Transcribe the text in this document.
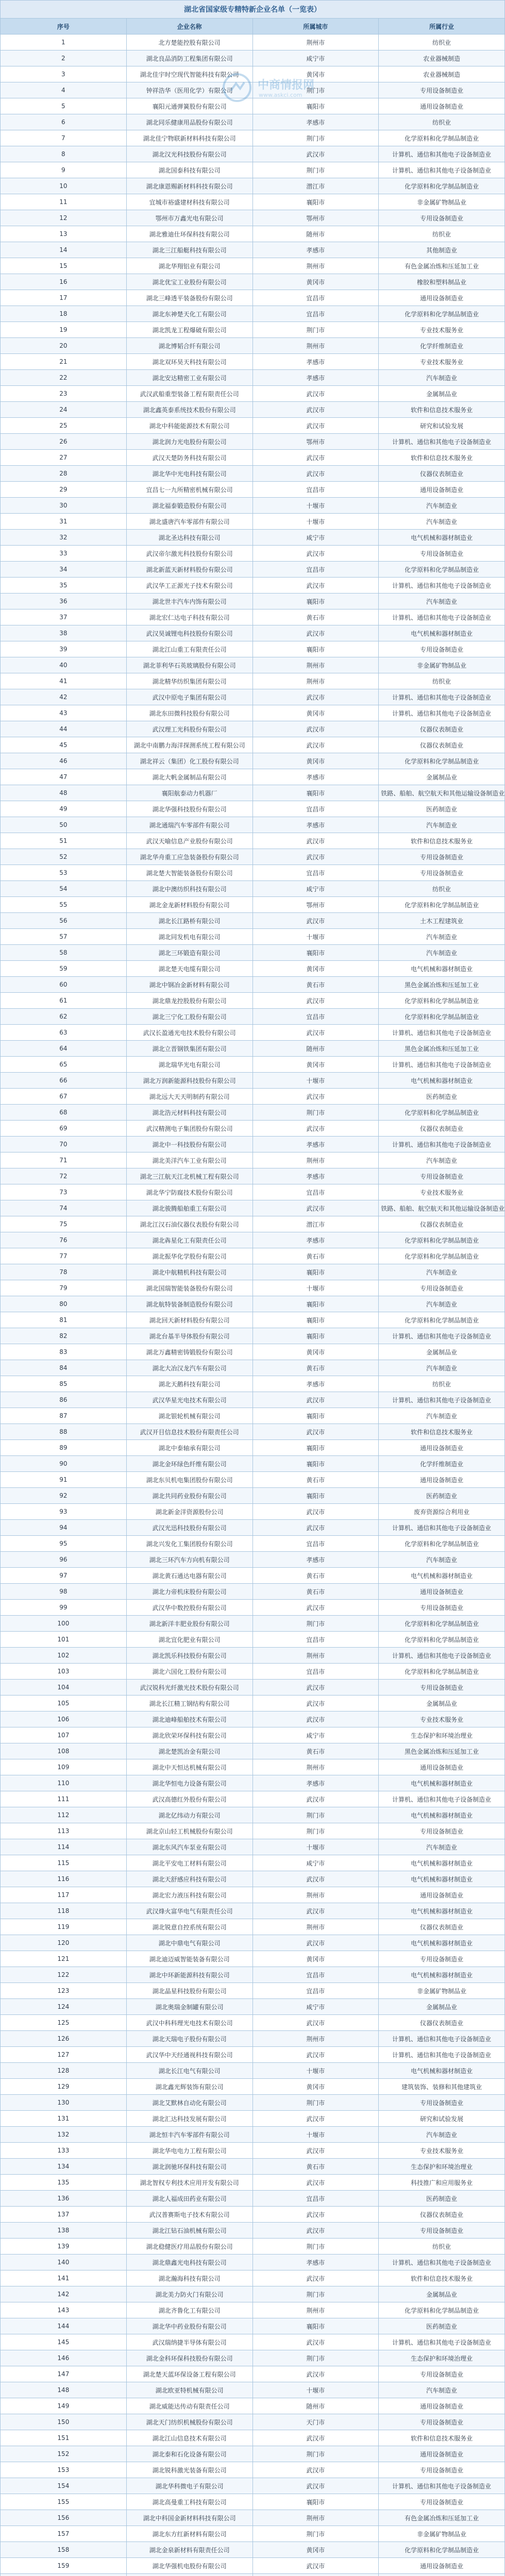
湖北省国家级专精特新企业名单（一览表）			
序号	企业名称	所属城市	所属行业
1	北方楚能控股有限公司	荆州市	纺织业
2	湖北良品消防工程集团有限公司	咸宁市	农业器械制造
3	湖北佳宇时空现代智能科技有限公司	黄冈市	农业器械制造
4	钟祥浩华（医用化学）有限公司	荆门市	专用设备制造业
5	襄阳元通弹簧股份有限公司	襄阳市	通用设备制造业
6	湖北同乐健康用品股份有限公司	孝感市	纺织业
7	湖北佳宁物联新材料科技有限公司	荆门市	化学原料和化学制品制造业
8	湖北汉光科技股份有限公司	武汉市	计算机、通信和其他电子设备制造业
9	湖北国泰科技有限公司	荆门市	计算机、通信和其他电子设备制造业
10	湖北康恩赐新材料科技有限公司	潜江市	化学原料和化学制品制造业
11	宜城市裕盛建材科技有限公司	襄阳市	非金属矿物制品业
12	鄂州市万鑫光电有限公司	鄂州市	专用设备制造业
13	湖北雅迪仕环保科技有限公司	随州市	纺织业
14	湖北三江船艇科技有限公司	孝感市	其他制造业
15	湖北华翔铝业有限公司	荆州市	有色金属冶炼和压延加工业
16	湖北优宝工业股份有限公司	黄冈市	橡胶和塑料制品业
17	湖北三峰透平装备股份有限公司	宜昌市	通用设备制造业
18	湖北东神楚天化工有限公司	宜昌市	化学原料和化学制品制造业
19	湖北凯龙工程爆破有限公司	荆门市	专业技术服务业
20	湖北博韬合纤有限公司	荆州市	化学纤维制造业
21	湖北双环昊天科技有限公司	孝感市	专业技术服务业
22	湖北安达精密工业有限公司	孝感市	汽车制造业
23	武汉武船重型装备工程有限责任公司	武汉市	金属制品业
24	湖北鑫英泰系统技术股份有限公司	武汉市	软件和信息技术服务业
25	湖北中科能能源技术有限公司	武汉市	研究和试验发展
26	湖北润力光电股份有限公司	鄂州市	计算机、通信和其他电子设备制造业
27	武汉天楚防务科技有限公司	武汉市	软件和信息技术服务业
28	湖北华中光电科技有限公司	武汉市	仪器仪表制造业
29	宜昌七一九所精密机械有限公司	宜昌市	通用设备制造业
30	湖北福泰锻造股份有限公司	十堰市	汽车制造业
31	湖北盛唐汽车零部件有限公司	十堰市	汽车制造业
32	湖北圣达科技有限公司	咸宁市	电气机械和器材制造业
33	武汉帝尔激光科技股份有限公司	武汉市	专用设备制造业
34	湖北新蓝天新材料股份有限公司	宜昌市	化学原料和化学制品制造业
35	武汉华工正源光子技术有限公司	武汉市	计算机、通信和其他电子设备制造业
36	湖北世丰汽车内饰有限公司	襄阳市	汽车制造业
37	湖北宏仁达电子科技有限公司	黄石市	计算机、通信和其他电子设备制造业
38	武汉昊诚锂电科技股份有限公司	武汉市	电气机械和器材制造业
39	湖北江山重工有限责任公司	襄阳市	专用设备制造业
40	湖北菲利华石英玻璃股份有限公司	荆州市	非金属矿物制品业
41	湖北精华纺织集团有限公司	荆州市	纺织业
42	武汉中原电子集团有限公司	武汉市	计算机、通信和其他电子设备制造业
43	湖北东田微科技股份有限公司	黄冈市	计算机、通信和其他电子设备制造业
44	武汉理工光科股份有限公司	武汉市	仪器仪表制造业
45	湖北中南鹏力海洋探测系统工程有限公司	武汉市	仪器仪表制造业
46	湖北祥云（集团）化工股份有限公司	黄冈市	化学原料和化学制品制造业
47	湖北大帆金属制品有限公司	孝感市	金属制品业
48	襄阳航泰动力机器厂	襄阳市	铁路、船舶、航空航天和其他运输设备制造业
49	湖北华强科技股份有限公司	宜昌市	医药制造业
50	湖北通瑞汽车零部件有限公司	孝感市	汽车制造业
51	武汉天喻信息产业股份有限公司	武汉市	软件和信息技术服务业
52	湖北华舟重工应急装备股份有限公司	武汉市	专用设备制造业
53	湖北楚大智能装备股份有限公司	宜昌市	专用设备制造业
54	湖北中澳纺织科技有限公司	咸宁市	纺织业
55	湖北金龙新材料股份有限公司	鄂州市	化学原料和化学制品制造业
56	湖北长江路桥有限公司	武汉市	土木工程建筑业
57	湖北同发机电有限公司	十堰市	汽车制造业
58	湖北三环锻造有限公司	襄阳市	汽车制造业
59	湖北楚天电缆有限公司	黄冈市	电气机械和器材制造业
60	湖北中钢冶金新材料有限公司	黄石市	黑色金属冶炼和压延加工业
61	湖北鼎龙控股股份有限公司	武汉市	化学原料和化学制品制造业
62	湖北三宁化工股份有限公司	宜昌市	化学原料和化学制品制造业
63	武汉长盈通光电技术股份有限公司	武汉市	计算机、通信和其他电子设备制造业
64	湖北立晋钢铁集团有限公司	随州市	黑色金属冶炼和压延加工业
65	湖北瑞华光电有限公司	黄冈市	计算机、通信和其他电子设备制造业
66	湖北万润新能源科技股份有限公司	十堰市	电气机械和器材制造业
67	湖北远大天天明制药有限公司	武汉市	医药制造业
68	湖北浩元材料科技有限公司	荆门市	化学原料和化学制品制造业
69	武汉精测电子集团股份有限公司	武汉市	仪器仪表制造业
70	湖北中一科技股份有限公司	孝感市	计算机、通信和其他电子设备制造业
71	湖北美洋汽车工业有限公司	荆州市	汽车制造业
72	湖北三江航天江北机械工程有限公司	孝感市	专用设备制造业
73	湖北华宁防腐技术股份有限公司	宜昌市	专业技术服务业
74	湖北骏腾船舶重工有限公司	武汉市	铁路、船舶、航空航天和其他运输设备制造业
75	湖北江汉石油仪器仪表股份有限公司	潜江市	仪器仪表制造业
76	湖北犇星化工有限责任公司	孝感市	化学原料和化学制品制造业
77	湖北振华化学股份有限公司	黄石市	化学原料和化学制品制造业
78	湖北中航精机科技有限公司	襄阳市	汽车制造业
79	湖北国瑞智能装备股份有限公司	十堰市	专用设备制造业
80	湖北航特装备制造股份有限公司	襄阳市	汽车制造业
81	湖北回天新材料股份有限公司	襄阳市	化学原料和化学制品制造业
82	湖北台基半导体股份有限公司	襄阳市	计算机、通信和其他电子设备制造业
83	湖北万鑫精密铸锻股份有限公司	黄冈市	金属制品业
84	湖北大冶汉龙汽车有限公司	黄石市	汽车制造业
85	湖北天鹅科技有限公司	孝感市	纺织业
86	武汉华星光电技术有限公司	武汉市	计算机、通信和其他电子设备制造业
87	湖北银轮机械有限公司	襄阳市	汽车制造业
88	武汉开目信息技术股份有限责任公司	武汉市	软件和信息技术服务业
89	湖北中泰轴承有限公司	襄阳市	通用设备制造业
90	湖北金环绿色纤维有限公司	襄阳市	化学纤维制造业
91	湖北东贝机电集团股份有限公司	黄石市	通用设备制造业
92	湖北共同药业股份有限公司	襄阳市	医药制造业
93	湖北新金洋资源股份公司	武汉市	废弃资源综合利用业
94	武汉光迅科技股份有限公司	武汉市	计算机、通信和其他电子设备制造业
95	湖北兴发化工集团股份有限公司	宜昌市	化学原料和化学制品制造业
96	湖北三环汽车方向机有限公司	孝感市	汽车制造业
97	湖北黄石通达电器有限公司	黄石市	电气机械和器材制造业
98	湖北力帝机床股份有限公司	黄石市	通用设备制造业
99	武汉华中数控股份有限公司	武汉市	专用设备制造业
100	湖北新洋丰肥业股份有限公司	荆门市	化学原料和化学制品制造业
101	湖北宜化肥业有限公司	宜昌市	化学原料和化学制品制造业
102	湖北凯乐科技股份有限公司	荆州市	计算机、通信和其他电子设备制造业
103	湖北六国化工股份有限公司	宜昌市	化学原料和化学制品制造业
104	武汉锐科光纤激光技术股份有限公司	武汉市	专用设备制造业
105	湖北长江精工钢结构有限公司	武汉市	金属制品业
106	湖北迪峰船舶技术有限公司	武汉市	专业技术服务业
107	湖北欣荣环保科技有限公司	咸宁市	生态保护和环境治理业
108	湖北楚凯冶金有限公司	黄石市	黑色金属冶炼和压延加工业
109	湖北中天恒达机械有限公司	荆州市	通用设备制造业
110	湖北华恒电力设备有限公司	孝感市	电气机械和器材制造业
111	武汉高德红外股份有限公司	武汉市	计算机、通信和其他电子设备制造业
112	湖北亿纬动力有限公司	荆门市	电气机械和器材制造业
113	湖北京山轻工机械股份有限公司	荆门市	专用设备制造业
114	湖北东风汽车泵业有限公司	十堰市	汽车制造业
115	湖北平安电工材料有限公司	咸宁市	电气机械和器材制造业
116	湖北天舒感应科技有限公司	武汉市	电气机械和器材制造业
117	湖北宏力液压科技有限公司	荆州市	通用设备制造业
118	武汉烽火富华电气有限责任公司	武汉市	电气机械和器材制造业
119	湖北锐意自控系统有限公司	荆州市	仪器仪表制造业
120	湖北中鼎电气有限公司	武汉市	电气机械和器材制造业
121	湖北迪迈威智能装备有限公司	黄冈市	专用设备制造业
122	湖北中环新能源科技有限公司	宜昌市	电气机械和器材制造业
123	湖北晶星科技股份有限公司	宜昌市	非金属矿物制品业
124	湖北奥瑞金制罐有限公司	咸宁市	金属制品业
125	武汉中科科理光电技术有限公司	武汉市	仪器仪表制造业
126	湖北天瑞电子股份有限公司	荆州市	计算机、通信和其他电子设备制造业
127	武汉华中天经通视科技有限公司	武汉市	计算机、通信和其他电子设备制造业
128	湖北长江电气有限公司	十堰市	电气机械和器材制造业
129	湖北鑫光辉装饰有限公司	黄冈市	建筑装饰、装修和其他建筑业
130	湖北艾默林自动化有限公司	荆门市	专用设备制造业
131	湖北汇达科技发展有限公司	武汉市	研究和试验发展
132	湖北恒丰汽车零部件有限公司	十堰市	汽车制造业
133	湖北华电电力工程有限公司	武汉市	专业技术服务业
134	湖北润驰环保科技有限公司	黄石市	生态保护和环境治理业
135	湖北智权专利技术应用开发有限公司	武汉市	科技推广和应用服务业
136	湖北人福成田药业有限公司	宜昌市	医药制造业
137	武汉普赛斯电子技术有限公司	武汉市	仪器仪表制造业
138	湖北江钻石油机械有限公司	武汉市	专用设备制造业
139	湖北稳健医疗用品股份有限公司	荆门市	纺织业
140	湖北鼎鑫光电科技有限公司	孝感市	计算机、通信和其他电子设备制造业
141	湖北瀚海科技有限公司	武汉市	软件和信息技术服务业
142	湖北美力防火门有限公司	荆门市	金属制品业
143	湖北齐鲁化工有限公司	荆州市	化学原料和化学制品制造业
144	湖北华中药业股份有限公司	襄阳市	医药制造业
145	武汉瑞纳捷半导体有限公司	武汉市	计算机、通信和其他电子设备制造业
146	湖北金科环保科技股份有限公司	荆门市	生态保护和环境治理业
147	湖北楚天蓝环保设备工程有限公司	武汉市	专用设备制造业
148	湖北欧亚特机械有限公司	十堰市	汽车制造业
149	湖北威能达传动有限责任公司	随州市	通用设备制造业
150	湖北天门纺织机械股份有限公司	天门市	专用设备制造业
151	湖北江山信息技术有限公司	武汉市	软件和信息技术服务业
152	湖北泰和石化设备有限公司	荆门市	通用设备制造业
153	湖北锐科激光装备有限公司	武汉市	专用设备制造业
154	湖北华科微电子有限公司	武汉市	计算机、通信和其他电子设备制造业
155	湖北高曼重工科技有限公司	襄阳市	专用设备制造业
156	湖北中科国金新材料科技有限公司	荆州市	有色金属冶炼和压延加工业
157	湖北东方红新材料有限公司	荆门市	非金属矿物制品业
158	湖北金泉新材料有限责任公司	黄冈市	化学原料和化学制品制造业
159	湖北华强机电股份有限公司	武汉市	通用设备制造业

中商情报网
www.askci.com
